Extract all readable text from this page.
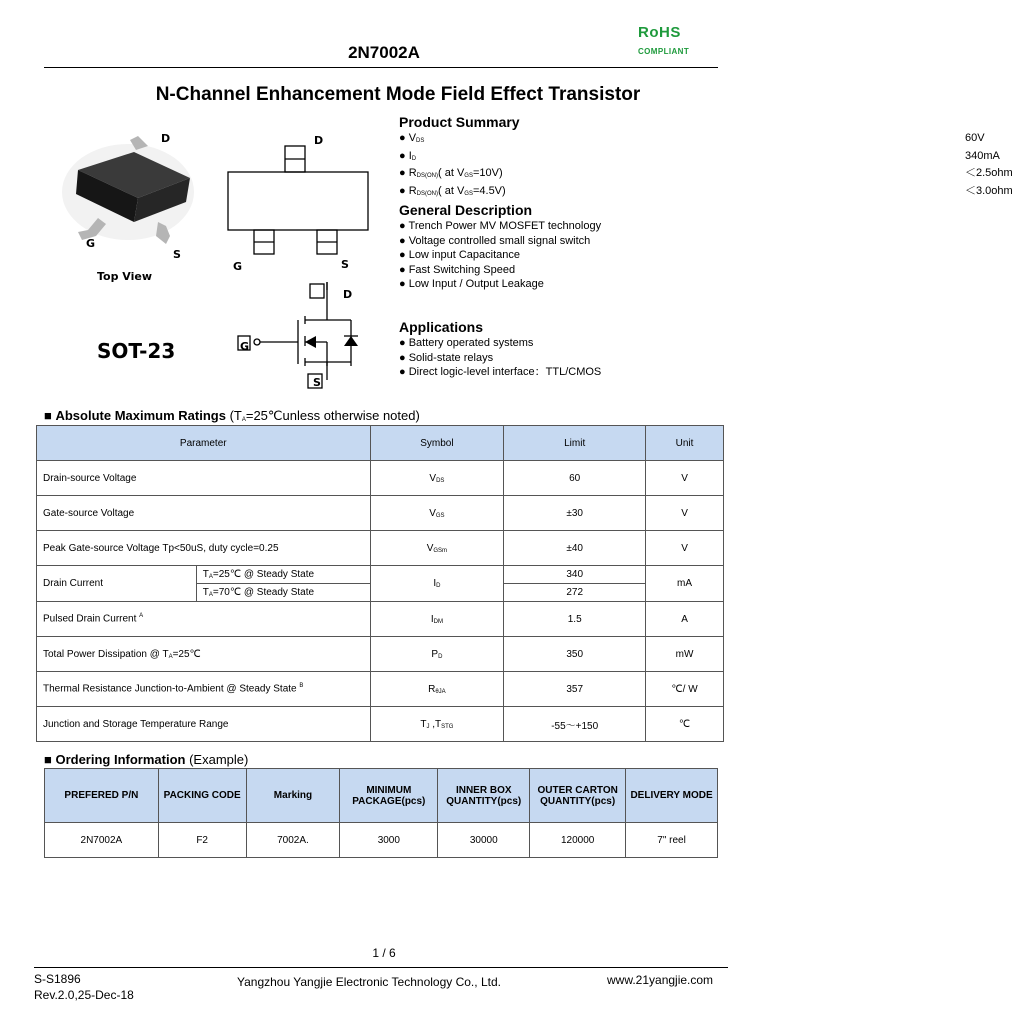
RoHS
COMPLIANT
2N7002A
N-Channel Enhancement Mode Field Effect Transistor
D
G
S
Top View
D
G	S
SOT-23
D
G
S
Product Summary
● $V_{DS}$	60V
● $I_D$	340mA
● $R_{DS(ON)}$( at $V_{GS}=10V$)	＜2.5ohm
● $R_{DS(ON)}$( at $V_{GS}=4.5V$)	＜3.0ohm
General Description
● Trench Power MV MOSFET technology
● Voltage controlled small signal switch
● Low input Capacitance
● Fast Switching Speed
● Low Input / Output Leakage
Applications
● Battery operated systems
● Solid-state relays
● Direct logic-level interface：TTL/CMOS
■ Absolute Maximum Ratings ($T_A=25℃unless$ otherwise noted)
Parameter		Symbol	Limit	Unit
Drain-source Voltage		$V_{DS}$	60	V
Gate-source Voltage		$V_{GS}$	±30	V
Peak Gate-source Voltage Tp<50uS, duty cycle=0.25		$V_{GSm}$	±40	V
Drain Current	$T_A=25℃$ @ Steady State	$I_D$	340	mA
	$T_A=70℃$ @ Steady State		272	
Pulsed Drain Current $^A$		$I_{DM}$	1.5	A
Total Power Dissipation @ $T_A=25℃$		$P_D$	350	mW
Thermal Resistance Junction-to-Ambient @ Steady State $^B$		$R_{\theta JA}$	357	℃/ W
Junction and Storage Temperature Range		$T_J$ $,T_{STG}$	-55～+150	℃
■ Ordering Information (Example)
PREFERED P/N	PACKING CODE	Marking	MINIMUM PACKAGE(pcs)	INNER BOX QUANTITY(pcs)	OUTER CARTON QUANTITY(pcs)	DELIVERY MODE
2N7002A	F2	7002A.	3000	30000	120000	7" reel
1 / 6
S-S1896
Rev.2.0,25-Dec-18
Yangzhou Yangjie Electronic Technology Co., Ltd.	www.21yangjie.com
